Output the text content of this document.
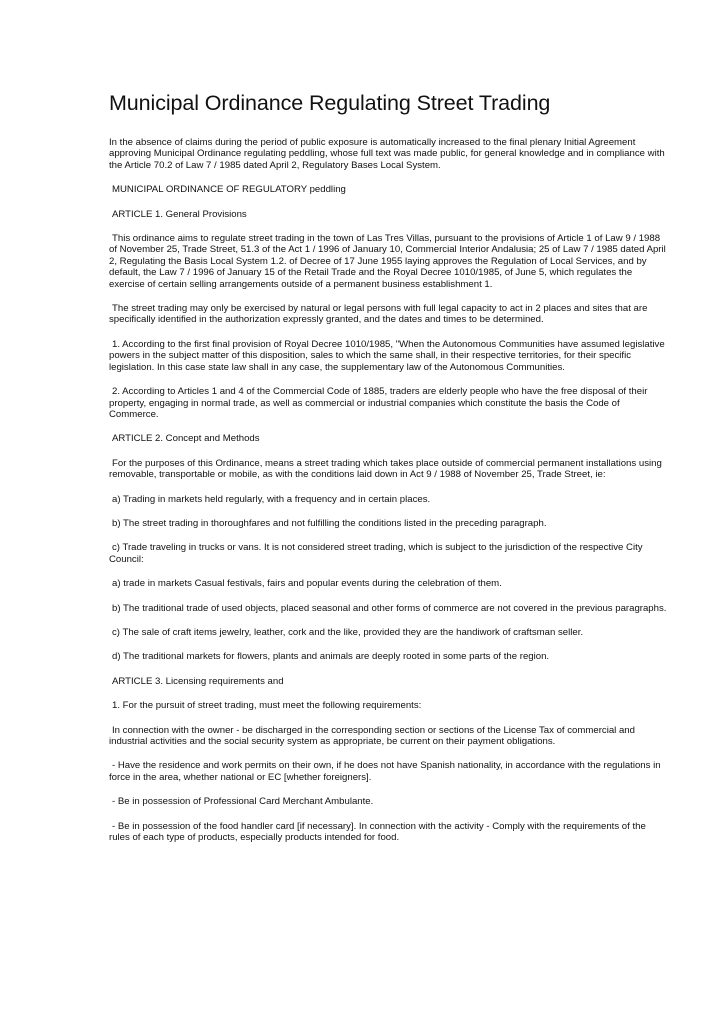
Municipal Ordinance Regulating Street Trading

In the absence of claims during the period of public exposure is automatically increased to the final plenary Initial Agreement approving Municipal Ordinance regulating peddling, whose full text was made public, for general knowledge and in compliance with the Article 70.2 of Law 7 / 1985 dated April 2, Regulatory Bases Local System.

MUNICIPAL ORDINANCE OF REGULATORY peddling

ARTICLE 1. General Provisions

This ordinance aims to regulate street trading in the town of Las Tres Villas, pursuant to the provisions of Article 1 of Law 9 / 1988 of November 25, Trade Street, 51.3 of the Act 1 / 1996 of January 10, Commercial Interior Andalusia; 25 of Law 7 / 1985 dated April 2, Regulating the Basis Local System 1.2. of Decree of 17 June 1955 laying approves the Regulation of Local Services, and by default, the Law 7 / 1996 of January 15 of the Retail Trade and the Royal Decree 1010/1985, of June 5, which regulates the exercise of certain selling arrangements outside of a permanent business establishment 1.

The street trading may only be exercised by natural or legal persons with full legal capacity to act in 2 places and sites that are specifically identified in the authorization expressly granted, and the dates and times to be determined.

1. According to the first final provision of Royal Decree 1010/1985, "When the Autonomous Communities have assumed legislative powers in the subject matter of this disposition, sales to which the same shall, in their respective territories, for their specific legislation. In this case state law shall in any case, the supplementary law of the Autonomous Communities.

2. According to Articles 1 and 4 of the Commercial Code of 1885, traders are elderly people who have the free disposal of their property, engaging in normal trade, as well as commercial or industrial companies which constitute the basis the Code of Commerce.

ARTICLE 2. Concept and Methods

For the purposes of this Ordinance, means a street trading which takes place outside of commercial permanent installations using removable, transportable or mobile, as with the conditions laid down in Act 9 / 1988 of November 25, Trade Street, ie:

a) Trading in markets held regularly, with a frequency and in certain places.

b) The street trading in thoroughfares and not fulfilling the conditions listed in the preceding paragraph.

c) Trade traveling in trucks or vans. It is not considered street trading, which is subject to the jurisdiction of the respective City Council:

a) trade in markets Casual festivals, fairs and popular events during the celebration of them.

b) The traditional trade of used objects, placed seasonal and other forms of commerce are not covered in the previous paragraphs.

c) The sale of craft items jewelry, leather, cork and the like, provided they are the handiwork of craftsman seller.

d) The traditional markets for flowers, plants and animals are deeply rooted in some parts of the region.

ARTICLE 3. Licensing requirements and

1. For the pursuit of street trading, must meet the following requirements:

In connection with the owner - be discharged in the corresponding section or sections of the License Tax of commercial and industrial activities and the social security system as appropriate, be current on their payment obligations.

- Have the residence and work permits on their own, if he does not have Spanish nationality, in accordance with the regulations in force in the area, whether national or EC [whether foreigners].

- Be in possession of Professional Card Merchant Ambulante.

- Be in possession of the food handler card [if necessary]. In connection with the activity - Comply with the requirements of the rules of each type of products, especially products intended for food.
